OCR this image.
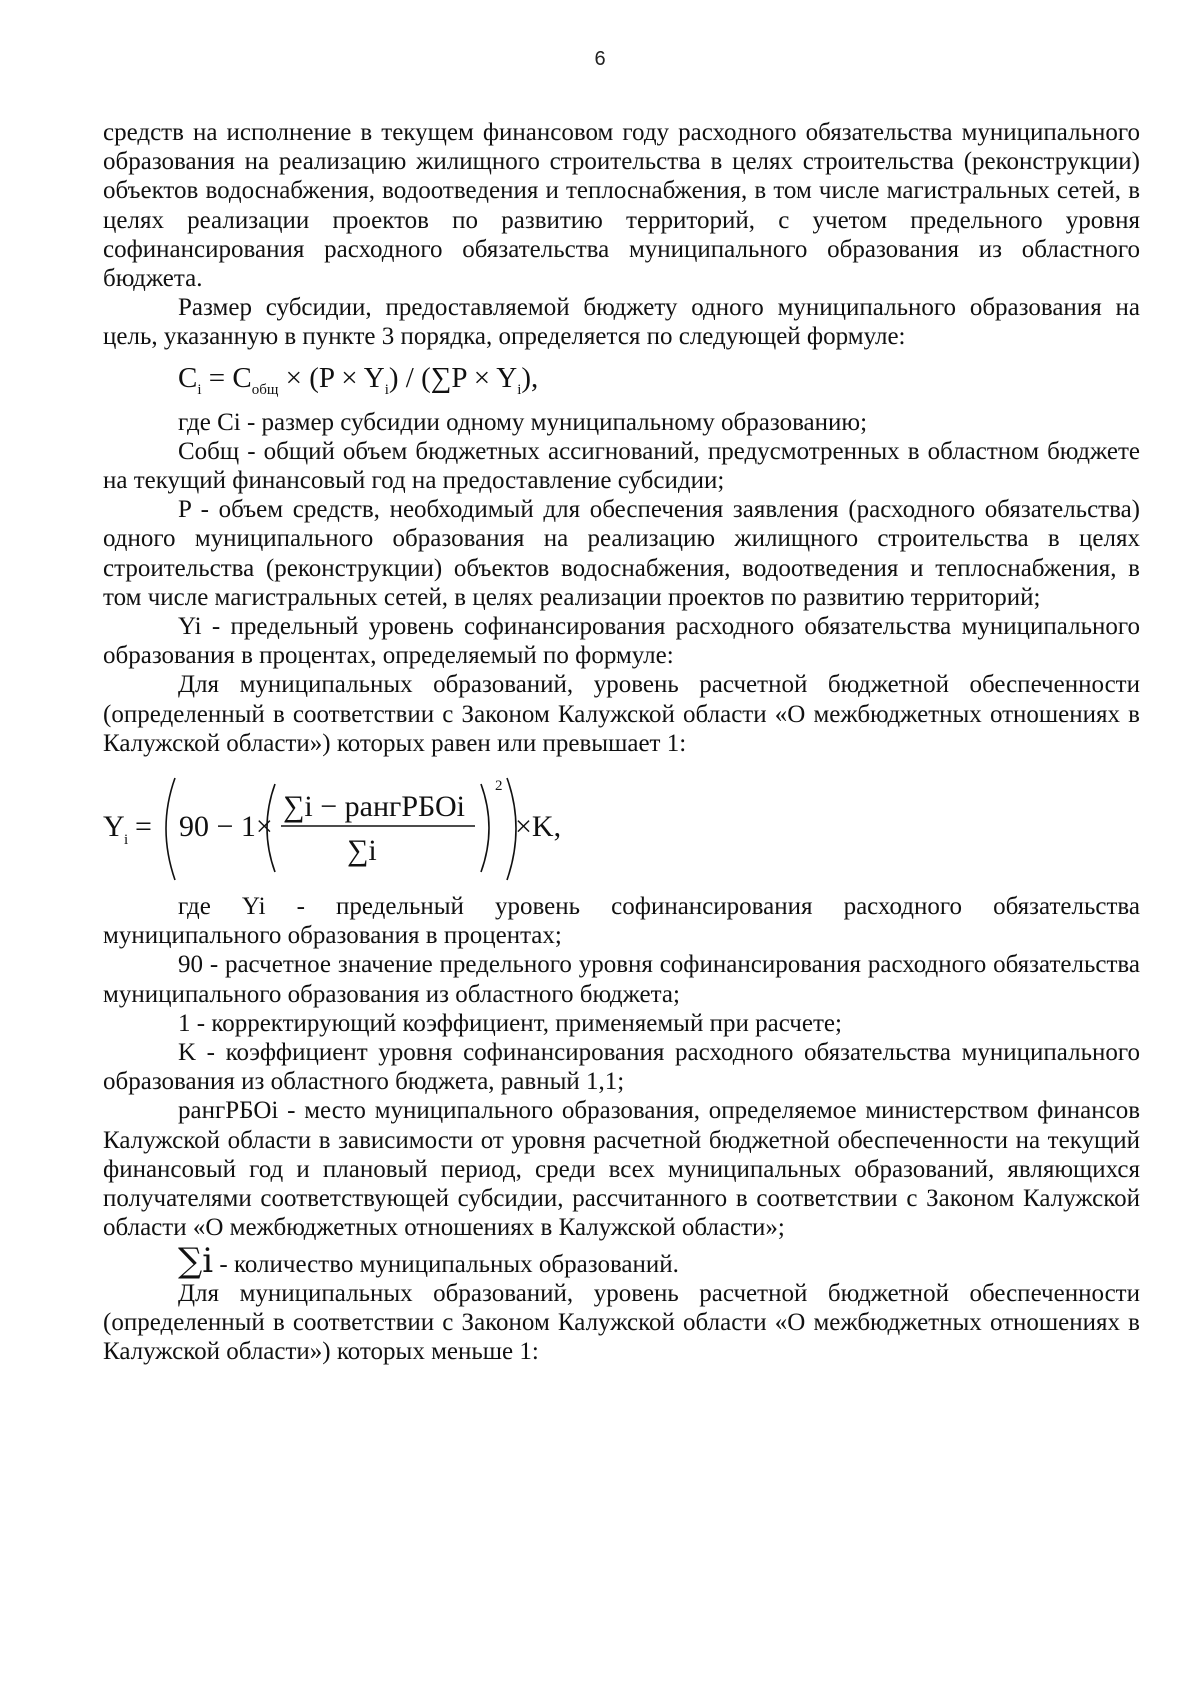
6

средств на исполнение в текущем финансовом году расходного обязательства муниципального образования на реализацию жилищного строительства в целях строительства (реконструкции) объектов водоснабжения, водоотведения и теплоснабжения, в том числе магистральных сетей, в целях реализации проектов по развитию территорий, с учетом предельного уровня софинансирования расходного обязательства муниципального образования из областного бюджета.

Размер субсидии, предоставляемой бюджету одного муниципального образования на цель, указанную в пункте 3 порядка, определяется по следующей формуле:

$C_i = C_{общ} \times (P \times Y_i) / (\sum P \times Y_i)$,

где Ci - размер субсидии одному муниципальному образованию;

Cобщ - общий объем бюджетных ассигнований, предусмотренных в областном бюджете на текущий финансовый год на предоставление субсидии;

P - объем средств, необходимый для обеспечения заявления (расходного обязательства) одного муниципального образования на реализацию жилищного строительства в целях строительства (реконструкции) объектов водоснабжения, водоотведения и теплоснабжения, в том числе магистральных сетей, в целях реализации проектов по развитию территорий;

Yi - предельный уровень софинансирования расходного обязательства муниципального образования в процентах, определяемый по формуле:

Для муниципальных образований, уровень расчетной бюджетной обеспеченности (определенный в соответствии с Законом Калужской области «О межбюджетных отношениях в Калужской области») которых равен или превышает 1:

Y i = 90 − 1×
∑i − рангРБОi
∑i
2
×K,

где Yi - предельный уровень софинансирования расходного обязательства муниципального образования в процентах;

90 - расчетное значение предельного уровня софинансирования расходного обязательства муниципального образования из областного бюджета;

1 - корректирующий коэффициент, применяемый при расчете;

K - коэффициент уровня софинансирования расходного обязательства муниципального образования из областного бюджета, равный 1,1;

рангРБОi - место муниципального образования, определяемое министерством финансов Калужской области в зависимости от уровня расчетной бюджетной обеспеченности на текущий финансовый год и плановый период, среди всех муниципальных образований, являющихся получателями соответствующей субсидии, рассчитанного в соответствии с Законом Калужской области «О межбюджетных отношениях в Калужской области»;

∑i - количество муниципальных образований.

Для муниципальных образований, уровень расчетной бюджетной обеспеченности (определенный в соответствии с Законом Калужской области «О межбюджетных отношениях в Калужской области») которых меньше 1:
